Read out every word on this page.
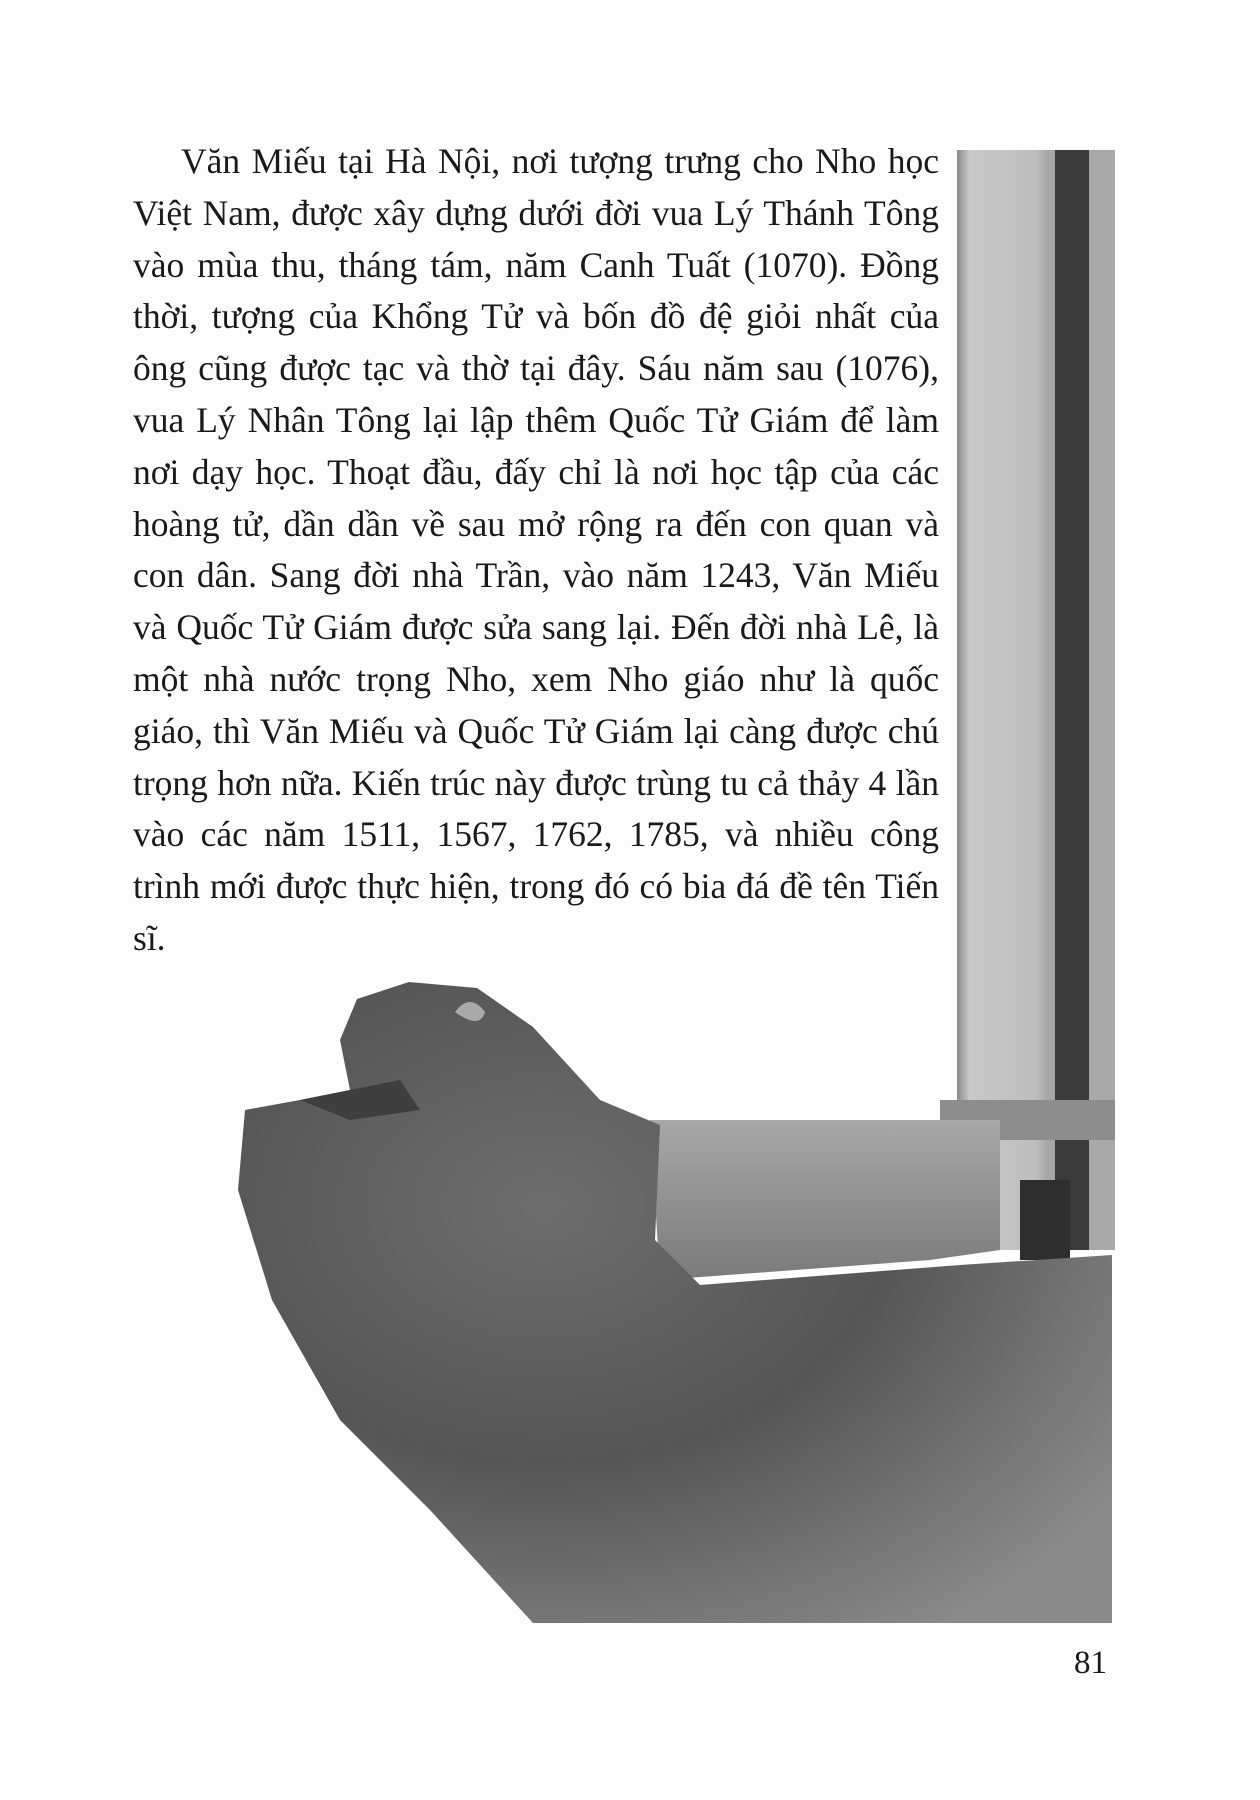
Văn Miếu tại Hà Nội, nơi tượng trưng cho Nho học Việt Nam, được xây dựng dưới đời vua Lý Thánh Tông vào mùa thu, tháng tám, năm Canh Tuất (1070). Đồng thời, tượng của Khổng Tử và bốn đồ đệ giỏi nhất của ông cũng được tạc và thờ tại đây. Sáu năm sau (1076), vua Lý Nhân Tông lại lập thêm Quốc Tử Giám để làm nơi dạy học. Thoạt đầu, đấy chỉ là nơi học tập của các hoàng tử, dần dần về sau mở rộng ra đến con quan và con dân. Sang đời nhà Trần, vào năm 1243, Văn Miếu và Quốc Tử Giám được sửa sang lại. Đến đời nhà Lê, là một nhà nước trọng Nho, xem Nho giáo như là quốc giáo, thì Văn Miếu và Quốc Tử Giám lại càng được chú trọng hơn nữa. Kiến trúc này được trùng tu cả thảy 4 lần vào các năm 1511, 1567, 1762, 1785, và nhiều công trình mới được thực hiện, trong đó có bia đá đề tên Tiến sĩ.

81
